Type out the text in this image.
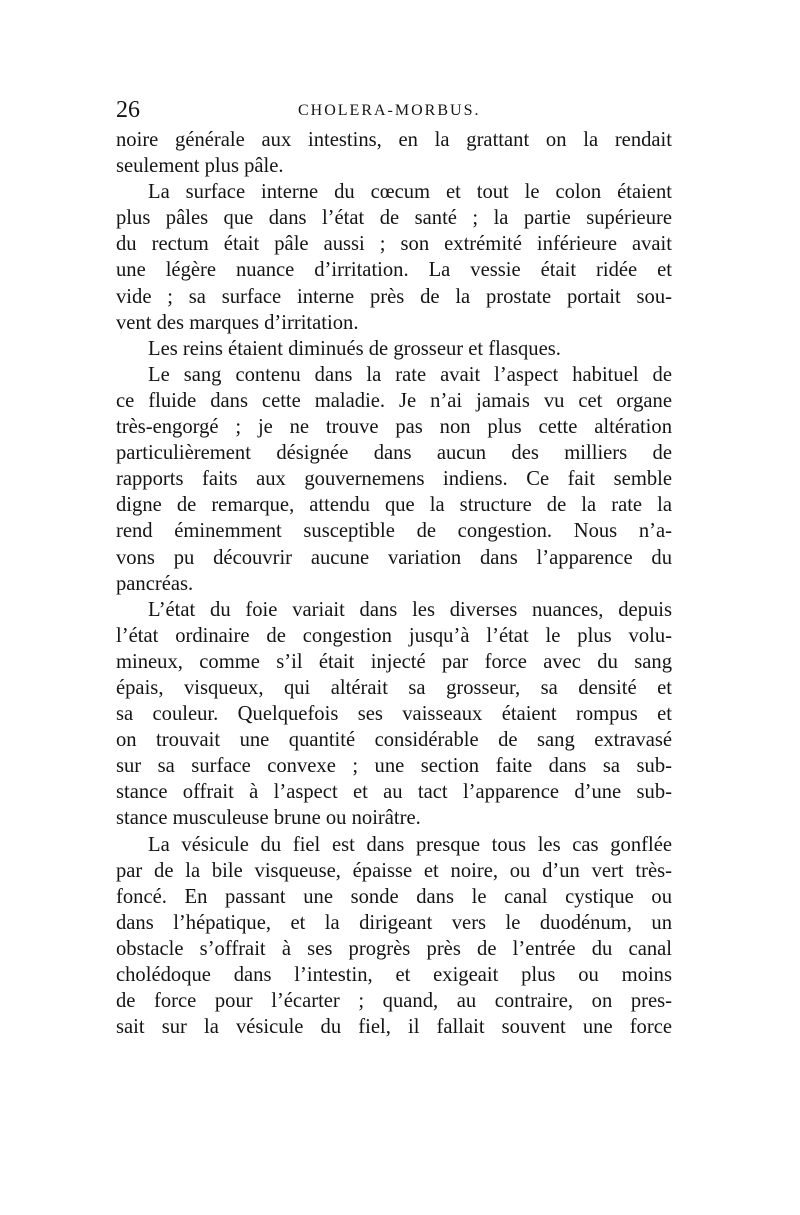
26	CHOLERA-MORBUS.
noire générale aux intestins, en la grattant on la rendait
seulement plus pâle.
La surface interne du cœcum et tout le colon étaient
plus pâles que dans l’état de santé ; la partie supérieure
du rectum était pâle aussi ; son extrémité inférieure avait
une légère nuance d’irritation. La vessie était ridée et
vide ; sa surface interne près de la prostate portait sou-
vent des marques d’irritation.
Les reins étaient diminués de grosseur et flasques.
Le sang contenu dans la rate avait l’aspect habituel de
ce fluide dans cette maladie. Je n’ai jamais vu cet organe
très-engorgé ; je ne trouve pas non plus cette altération
particulièrement désignée dans aucun des milliers de
rapports faits aux gouvernemens indiens. Ce fait semble
digne de remarque, attendu que la structure de la rate la
rend éminemment susceptible de congestion. Nous n’a-
vons pu découvrir aucune variation dans l’apparence du
pancréas.
L’état du foie variait dans les diverses nuances, depuis
l’état ordinaire de congestion jusqu’à l’état le plus volu-
mineux, comme s’il était injecté par force avec du sang
épais, visqueux, qui altérait sa grosseur, sa densité et
sa couleur. Quelquefois ses vaisseaux étaient rompus et
on trouvait une quantité considérable de sang extravasé
sur sa surface convexe ; une section faite dans sa sub-
stance offrait à l’aspect et au tact l’apparence d’une sub-
stance musculeuse brune ou noirâtre.
La vésicule du fiel est dans presque tous les cas gonflée
par de la bile visqueuse, épaisse et noire, ou d’un vert très-
foncé. En passant une sonde dans le canal cystique ou
dans l’hépatique, et la dirigeant vers le duodénum, un
obstacle s’offrait à ses progrès près de l’entrée du canal
cholédoque dans l’intestin, et exigeait plus ou moins
de force pour l’écarter ; quand, au contraire, on pres-
sait sur la vésicule du fiel, il fallait souvent une force
